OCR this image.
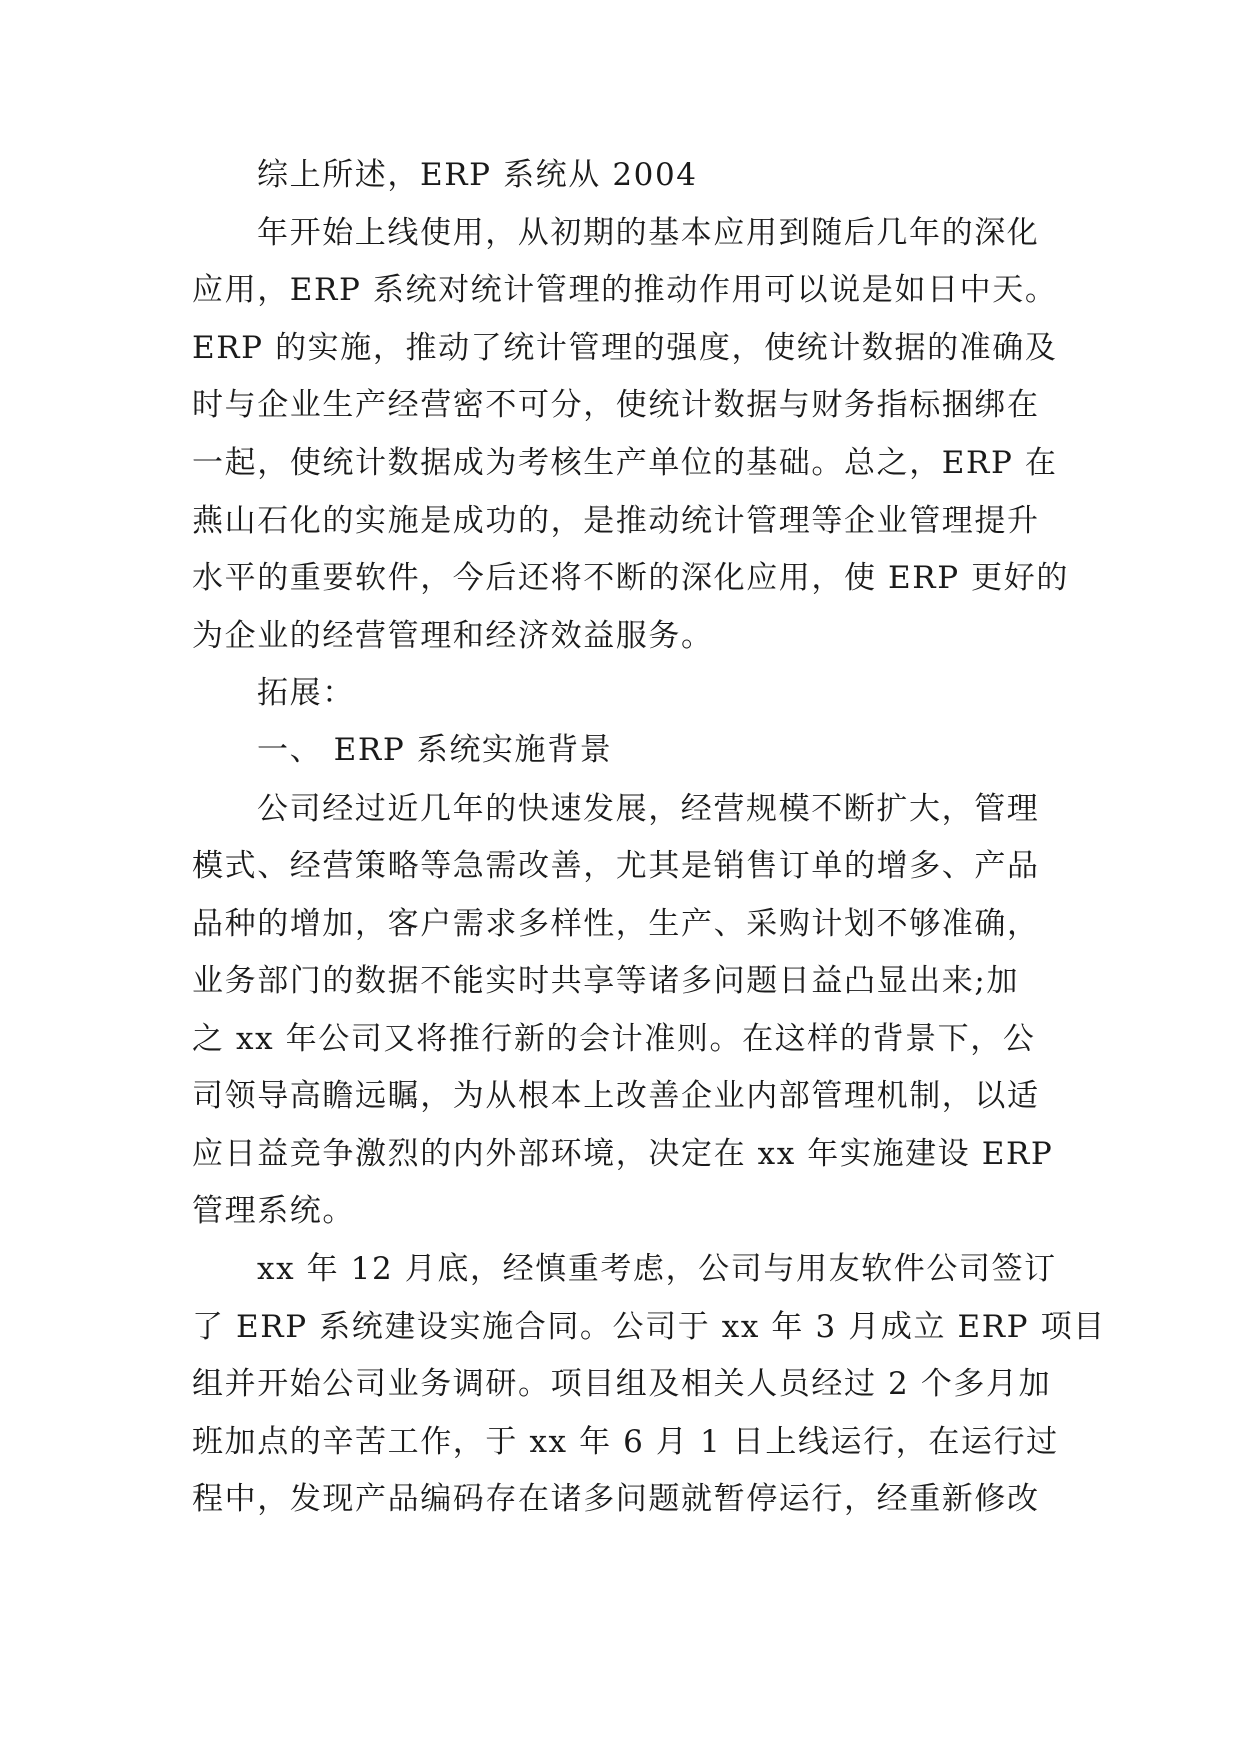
综上所述，ERP 系统从 2004
年开始上线使用，从初期的基本应用到随后几年的深化
应用，ERP 系统对统计管理的推动作用可以说是如日中天。
ERP 的实施，推动了统计管理的强度，使统计数据的准确及
时与企业生产经营密不可分，使统计数据与财务指标捆绑在
一起，使统计数据成为考核生产单位的基础。总之，ERP 在
燕山石化的实施是成功的，是推动统计管理等企业管理提升
水平的重要软件，今后还将不断的深化应用，使 ERP 更好的
为企业的经营管理和经济效益服务。
拓展：
一、 ERP 系统实施背景
公司经过近几年的快速发展，经营规模不断扩大，管理
模式、经营策略等急需改善，尤其是销售订单的增多、产品
品种的增加，客户需求多样性，生产、采购计划不够准确，
业务部门的数据不能实时共享等诸多问题日益凸显出来;加
之 xx 年公司又将推行新的会计准则。在这样的背景下，公
司领导高瞻远瞩，为从根本上改善企业内部管理机制，以适
应日益竞争激烈的内外部环境，决定在 xx 年实施建设 ERP
管理系统。
xx 年 12 月底，经慎重考虑，公司与用友软件公司签订
了 ERP 系统建设实施合同。公司于 xx 年 3 月成立 ERP 项目
组并开始公司业务调研。项目组及相关人员经过 2 个多月加
班加点的辛苦工作，于 xx 年 6 月 1 日上线运行，在运行过
程中，发现产品编码存在诸多问题就暂停运行，经重新修改
